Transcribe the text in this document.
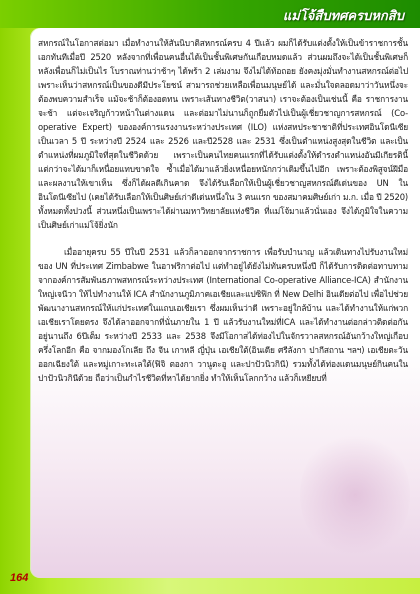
แม่โจ้สืบทศครบหกสิบ

สหกรณ์ในโอกาสต่อมา เมื่อทำงานให้สันนิบาติสหกรณ์ครบ 4 ปีแล้ว ผมก็ได้รับแต่งตั้งให้เป็นข้าราชการชั้นเอกทันทีเมื่อปี 2520 หลังจากที่เพื่อนคนอื่นได้เป็นชั้นพิเศษกันเกือบหมดแล้ว ส่วนผมถึงจะได้เป็นชั้นพิเศษก็หลังเพื่อนก็ไม่เป็นไร โบราณท่านว่าช้าๆ ได้พร้า 2 เล่มงาม จึงไม่ได้ท้อถอย ยังคงมุ่งมั่นทำงานสหกรณ์ต่อไป เพราะเห็นว่าสหกรณ์เป็นของดีมีประโยชน์ สามารถช่วยเหลือเพื่อนมนุษย์ได้ และมั่นใจตลอดมาว่าวันหนึ่งจะต้องพบความสำเร็จ แม้จะช้าก็ต้องอดทน เพราะเส้นทางชีวิต(วาสนา) เราจะต้องเป็นเช่นนี้ คือ ราชการงานจะช้า แต่จะเจริญก้าวหน้าในต่างแดน และต่อมาไม่นานก็ถูกยืมตัวไปเป็นผู้เชี่ยวชาญการสหกรณ์ (Co-operative Expert) ขององค์การแรงงานระหว่างประเทศ (ILO) แห่งสหประชาชาติที่ประเทศอินโดนีเซีย เป็นเวลา 5 ปี ระหว่างปี 2524 และ 2526 และปี2528 และ 2531 ซึ่งเป็นตำแหน่งสูงสุดในชีวิต และเป็นตำแหน่งที่ผมภูมิใจที่สุดในชีวิตด้วย เพราะเป็นคนไทยคนแรกที่ได้รับแต่งตั้งให้ดำรงตำแหน่งอันมีเกียรตินี้ แต่กว่าจะได้มาก็เหนื่อยแทบขาดใจ ซ้ำเมื่อได้มาแล้วยิ่งเหนื่อยหนักกว่าเดิมขึ้นไปอีก เพราะต้องพิสูจน์ฝีมือ และผลงานให้เขาเห็น ซึ่งก็ได้ผลดีเกินคาด จึงได้รับเลือกให้เป็นผู้เชี่ยวชาญสหกรณ์ดีเด่นของ UN ในอินโดนีเซียไป (เคยได้รับเลือกให้เป็นศิษย์เก่าดีเด่นหนึ่งใน 3 คนแรก ของสมาคมศิษย์เก่า ม.ก. เมื่อ ปี 2520) ทั้งหมดทั้งปวงนี้ ส่วนหนึ่งเป็นเพราะได้ผ่านมหาวิทยาลัยแห่งชีวิต ที่แม่โจ้มาแล้วนั่นเอง จึงได้ภูมิใจในความเป็นศิษย์เก่าแม่โจ้ยิ่งนัก

เมื่ออายุครบ 55 ปีในปี 2531 แล้วก็ลาออกจากราชการ เพื่อรับบำนาญ แล้วเดินทางไปรับงานใหม่ของ UN ที่ประเทศ Zimbabwe ในอาฟริกาต่อไป แต่ทำอยู่ได้ยังไม่ทันครบหนึ่งปี ก็ได้รับการติดต่อทาบทามจากองค์การสัมพันธภาพสหกรณ์ระหว่างประเทศ (International Co-operative Alliance-ICA) สำนักงานใหญ่เจนีวา ให้ไปทำงานให้ ICA สำนักงานภูมิภาคเอเชียและแปซิฟิก ที่ New Delhi อินเดียต่อไป เพื่อไปช่วยพัฒนางานสหกรณ์ให้แก่ประเทศในแถบเอเชียเรา ซึ่งผมเห็นว่าดี เพราะอยู่ใกล้บ้าน และได้ทำงานให้แก่พวกเอเชียเราโดยตรง จึงได้ลาออกจากที่นั่นภายใน 1 ปี แล้วรับงานใหม่ที่ICA และได้ทำงานต่อกล่าวติดต่อกันอยู่นานถึง 6ปีเต็ม ระหว่างปี 2533 และ 2538 จึงมีโอกาสได้ท่องไปในจักรวาลสหกรณ์อันกว้างใหญ่เกือบครึ่งโลกอีก คือ จากมองโกเลีย ถึง จีน เกาหลี ญี่ปุ่น เอเชียใต้(อินเดีย ศรีลังกา ปากีสถาน ฯลฯ) เอเชียตะวันออกเฉียงใต้ และหมู่เกาะทะเลใต้(ฟิจิ ตองกา วานูตะอู และปาปัวนิวกินี) รวมทั้งได้ท่องแดนมนุษย์กินคนในปาปัวนิวกินีด้วย ถือว่าเป็นกำไรชีวิตที่หาได้ยากยิ่ง ทำให้เห็นโลกกว้าง แล้วก็เหยียบที่

164
